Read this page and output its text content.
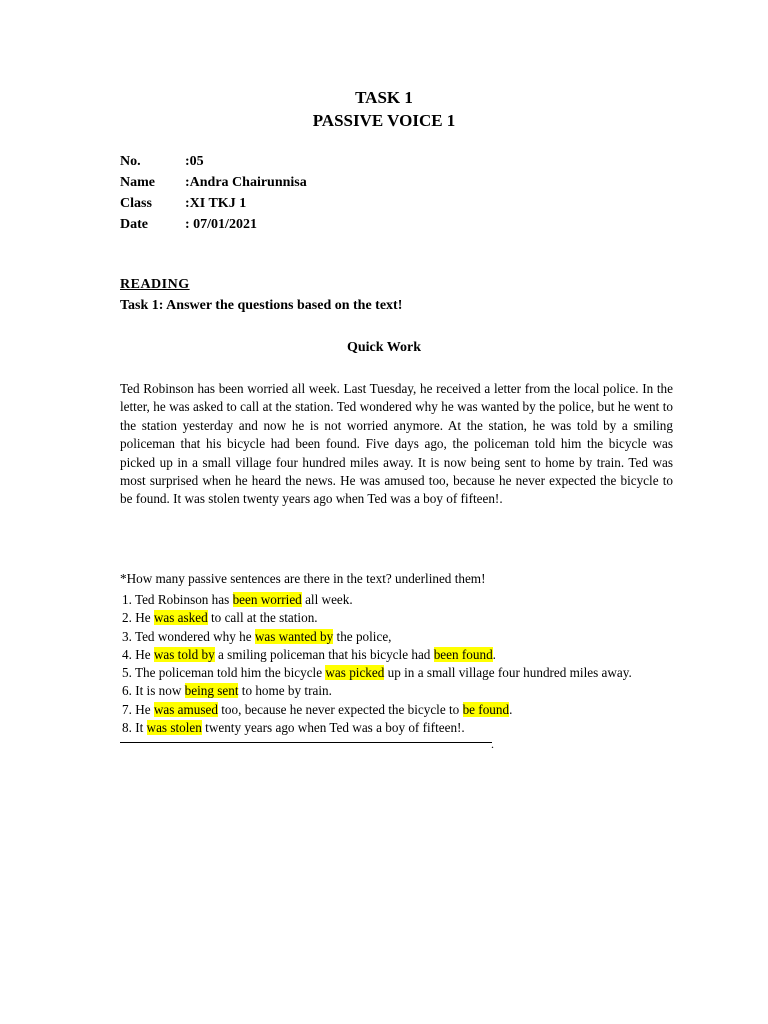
TASK 1
PASSIVE VOICE 1
No.	:05
Name :Andra Chairunnisa
Class :XI TKJ 1
Date	: 07/01/2021
READING
Task 1: Answer the questions based on the text!
Quick Work
Ted Robinson has been worried all week. Last Tuesday, he received a letter from the local police. In the letter, he was asked to call at the station. Ted wondered why he was wanted by the police, but he went to the station yesterday and now he is not worried anymore. At the station, he was told by a smiling policeman that his bicycle had been found. Five days ago, the policeman told him the bicycle was picked up in a small village four hundred miles away. It is now being sent to home by train. Ted was most surprised when he heard the news. He was amused too, because he never expected the bicycle to be found. It was stolen twenty years ago when Ted was a boy of fifteen!.
*How many passive sentences are there in the text? underlined them!
1. Ted Robinson has been worried all week.
2. He was asked to call at the station.
3. Ted wondered why he was wanted by the police,
4. He was told by a smiling policeman that his bicycle had been found.
5. The policeman told him the bicycle was picked up in a small village four hundred miles away.
6. It is now being sent to home by train.
7. He was amused too, because he never expected the bicycle to be found.
8. It was stolen twenty years ago when Ted was a boy of fifteen!.
.
